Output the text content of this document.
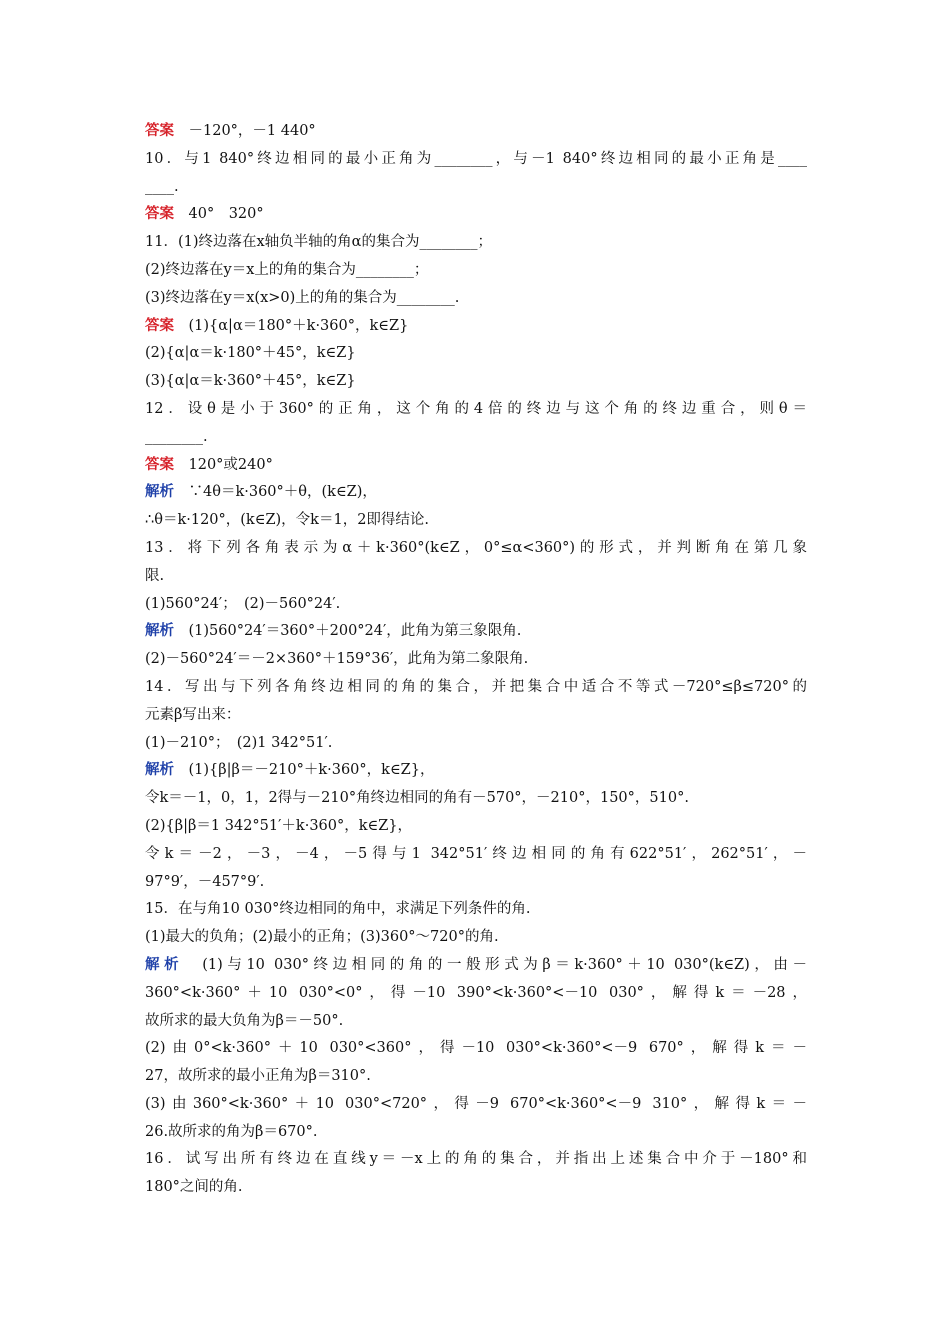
答案　－120°，－1 440°
10．与1 840°终边相同的最小正角为________，与－1 840°终边相同的最小正角是____
____.
答案　40°　320°
11．(1)终边落在x轴负半轴的角α的集合为________；
(2)终边落在y＝x上的角的集合为________；
(3)终边落在y＝x(x>0)上的角的集合为________.
答案　(1){α|α＝180°＋k·360°，k∈Z}
(2){α|α＝k·180°＋45°，k∈Z}
(3){α|α＝k·360°＋45°，k∈Z}
12．设θ是小于360°的正角，这个角的4倍的终边与这个角的终边重合，则θ＝
________.
答案　120°或240°
解析　∵4θ＝k·360°＋θ，(k∈Z)，
∴θ＝k·120°，(k∈Z)，令k＝1，2即得结论.
13．将下列各角表示为α＋k·360°(k∈Z，0°≤α<360°)的形式，并判断角在第几象
限.
(1)560°24′；　(2)－560°24′.
解析　(1)560°24′＝360°＋200°24′，此角为第三象限角.
(2)－560°24′＝－2×360°＋159°36′，此角为第二象限角.
14．写出与下列各角终边相同的角的集合，并把集合中适合不等式－720°≤β≤720°的
元素β写出来：
(1)－210°；　(2)1 342°51′.
解析　(1){β|β＝－210°＋k·360°，k∈Z}，
令k＝－1，0，1，2得与－210°角终边相同的角有－570°，－210°，150°，510°.
(2){β|β＝1 342°51′＋k·360°，k∈Z}，
令k＝－2，－3，－4，－5得与1 342°51′终边相同的角有622°51′，262°51′，－
97°9′，－457°9′.
15．在与角10 030°终边相同的角中，求满足下列条件的角.
(1)最大的负角；(2)最小的正角；(3)360°～720°的角.
解析　(1)与10 030°终边相同的角的一般形式为β＝k·360°＋10 030°(k∈Z)，由－
360°<k·360°＋10 030°<0°，得－10 390°<k·360°<－10 030°，解得k＝－28，
故所求的最大负角为β＝－50°.
(2)由0°<k·360°＋10 030°<360°，得－10 030°<k·360°<－9 670°，解得k＝－
27，故所求的最小正角为β＝310°.
(3)由360°<k·360°＋10 030°<720°，得－9 670°<k·360°<－9 310°，解得k＝－
26.故所求的角为β＝670°.
16．试写出所有终边在直线y＝－x上的角的集合，并指出上述集合中介于－180°和
180°之间的角.
